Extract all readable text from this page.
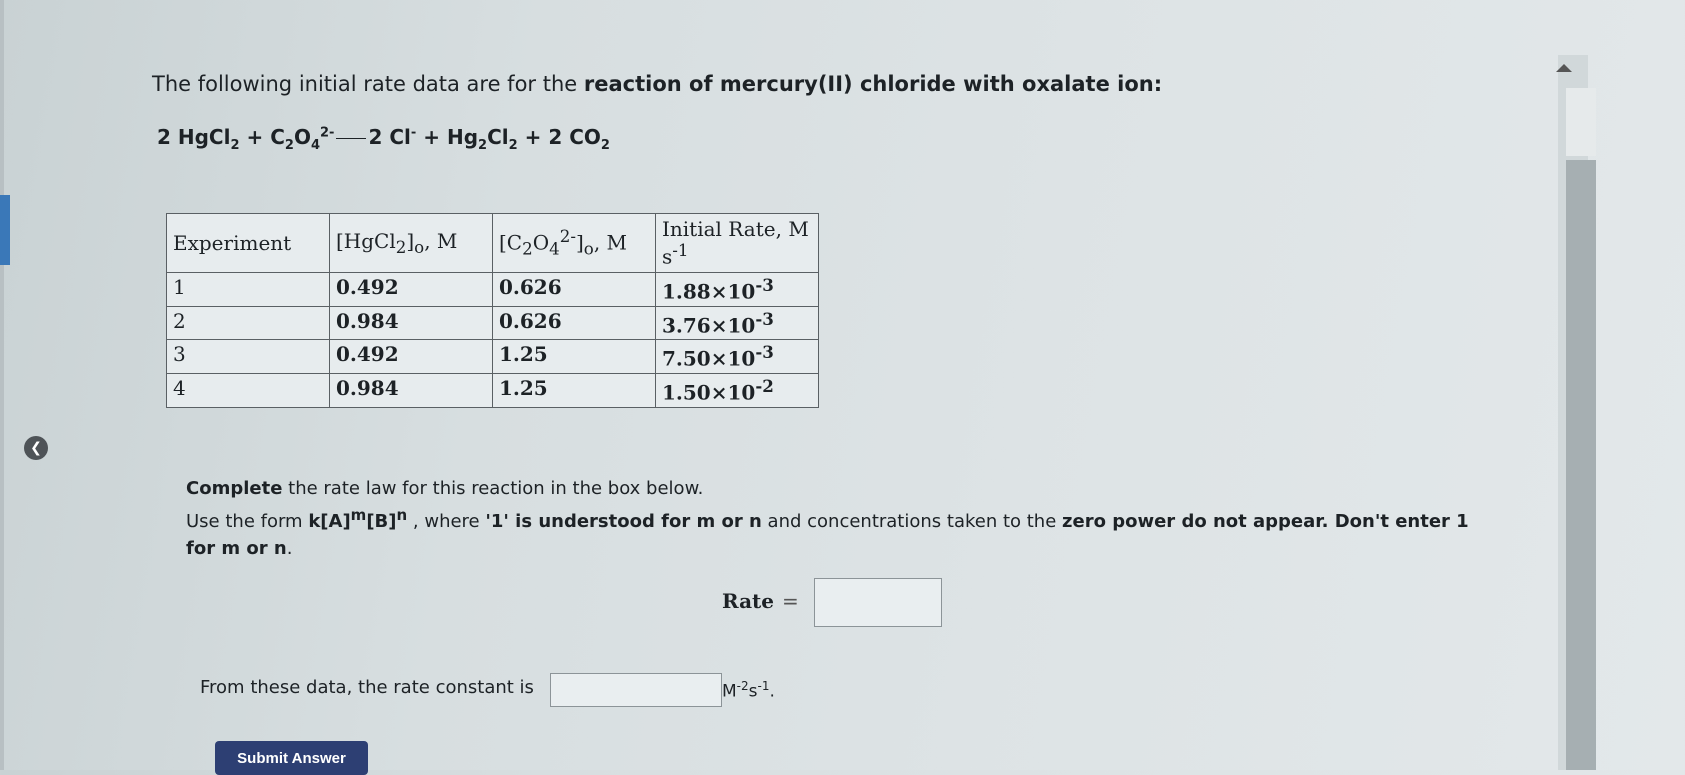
❮
The following initial rate data are for the reaction of mercury(II) chloride with oxalate ion:
2 HgCl$_2$ + $C_2O_4^{2-}$ 2 $Cl^- + Hg_2Cl_2 + 2$ $CO_2$
Experiment	$[HgCl_2]_o$, M	$[C_2O_4^{2-}]_o$, M	Initial Rate, M
$s^{-1}$
1	0.492	0.626	$1.88\times 10^{-3}$
2	0.984	0.626	$3.76\times 10^{-3}$
3	0.492	1.25	$7.50\times 10^{-3}$
4	0.984	1.25	$1.50\times 10^{-2}$
Complete the rate law for this reaction in the box below.
Use the form $k[A]^m[B]^n$ , where '1' is understood for m or n and concentrations taken to the zero power do not appear. Don't enter 1 for m or n.
Rate =
From these data, the rate constant is	$M^{-2}s^{-1}$.
Submit Answer
